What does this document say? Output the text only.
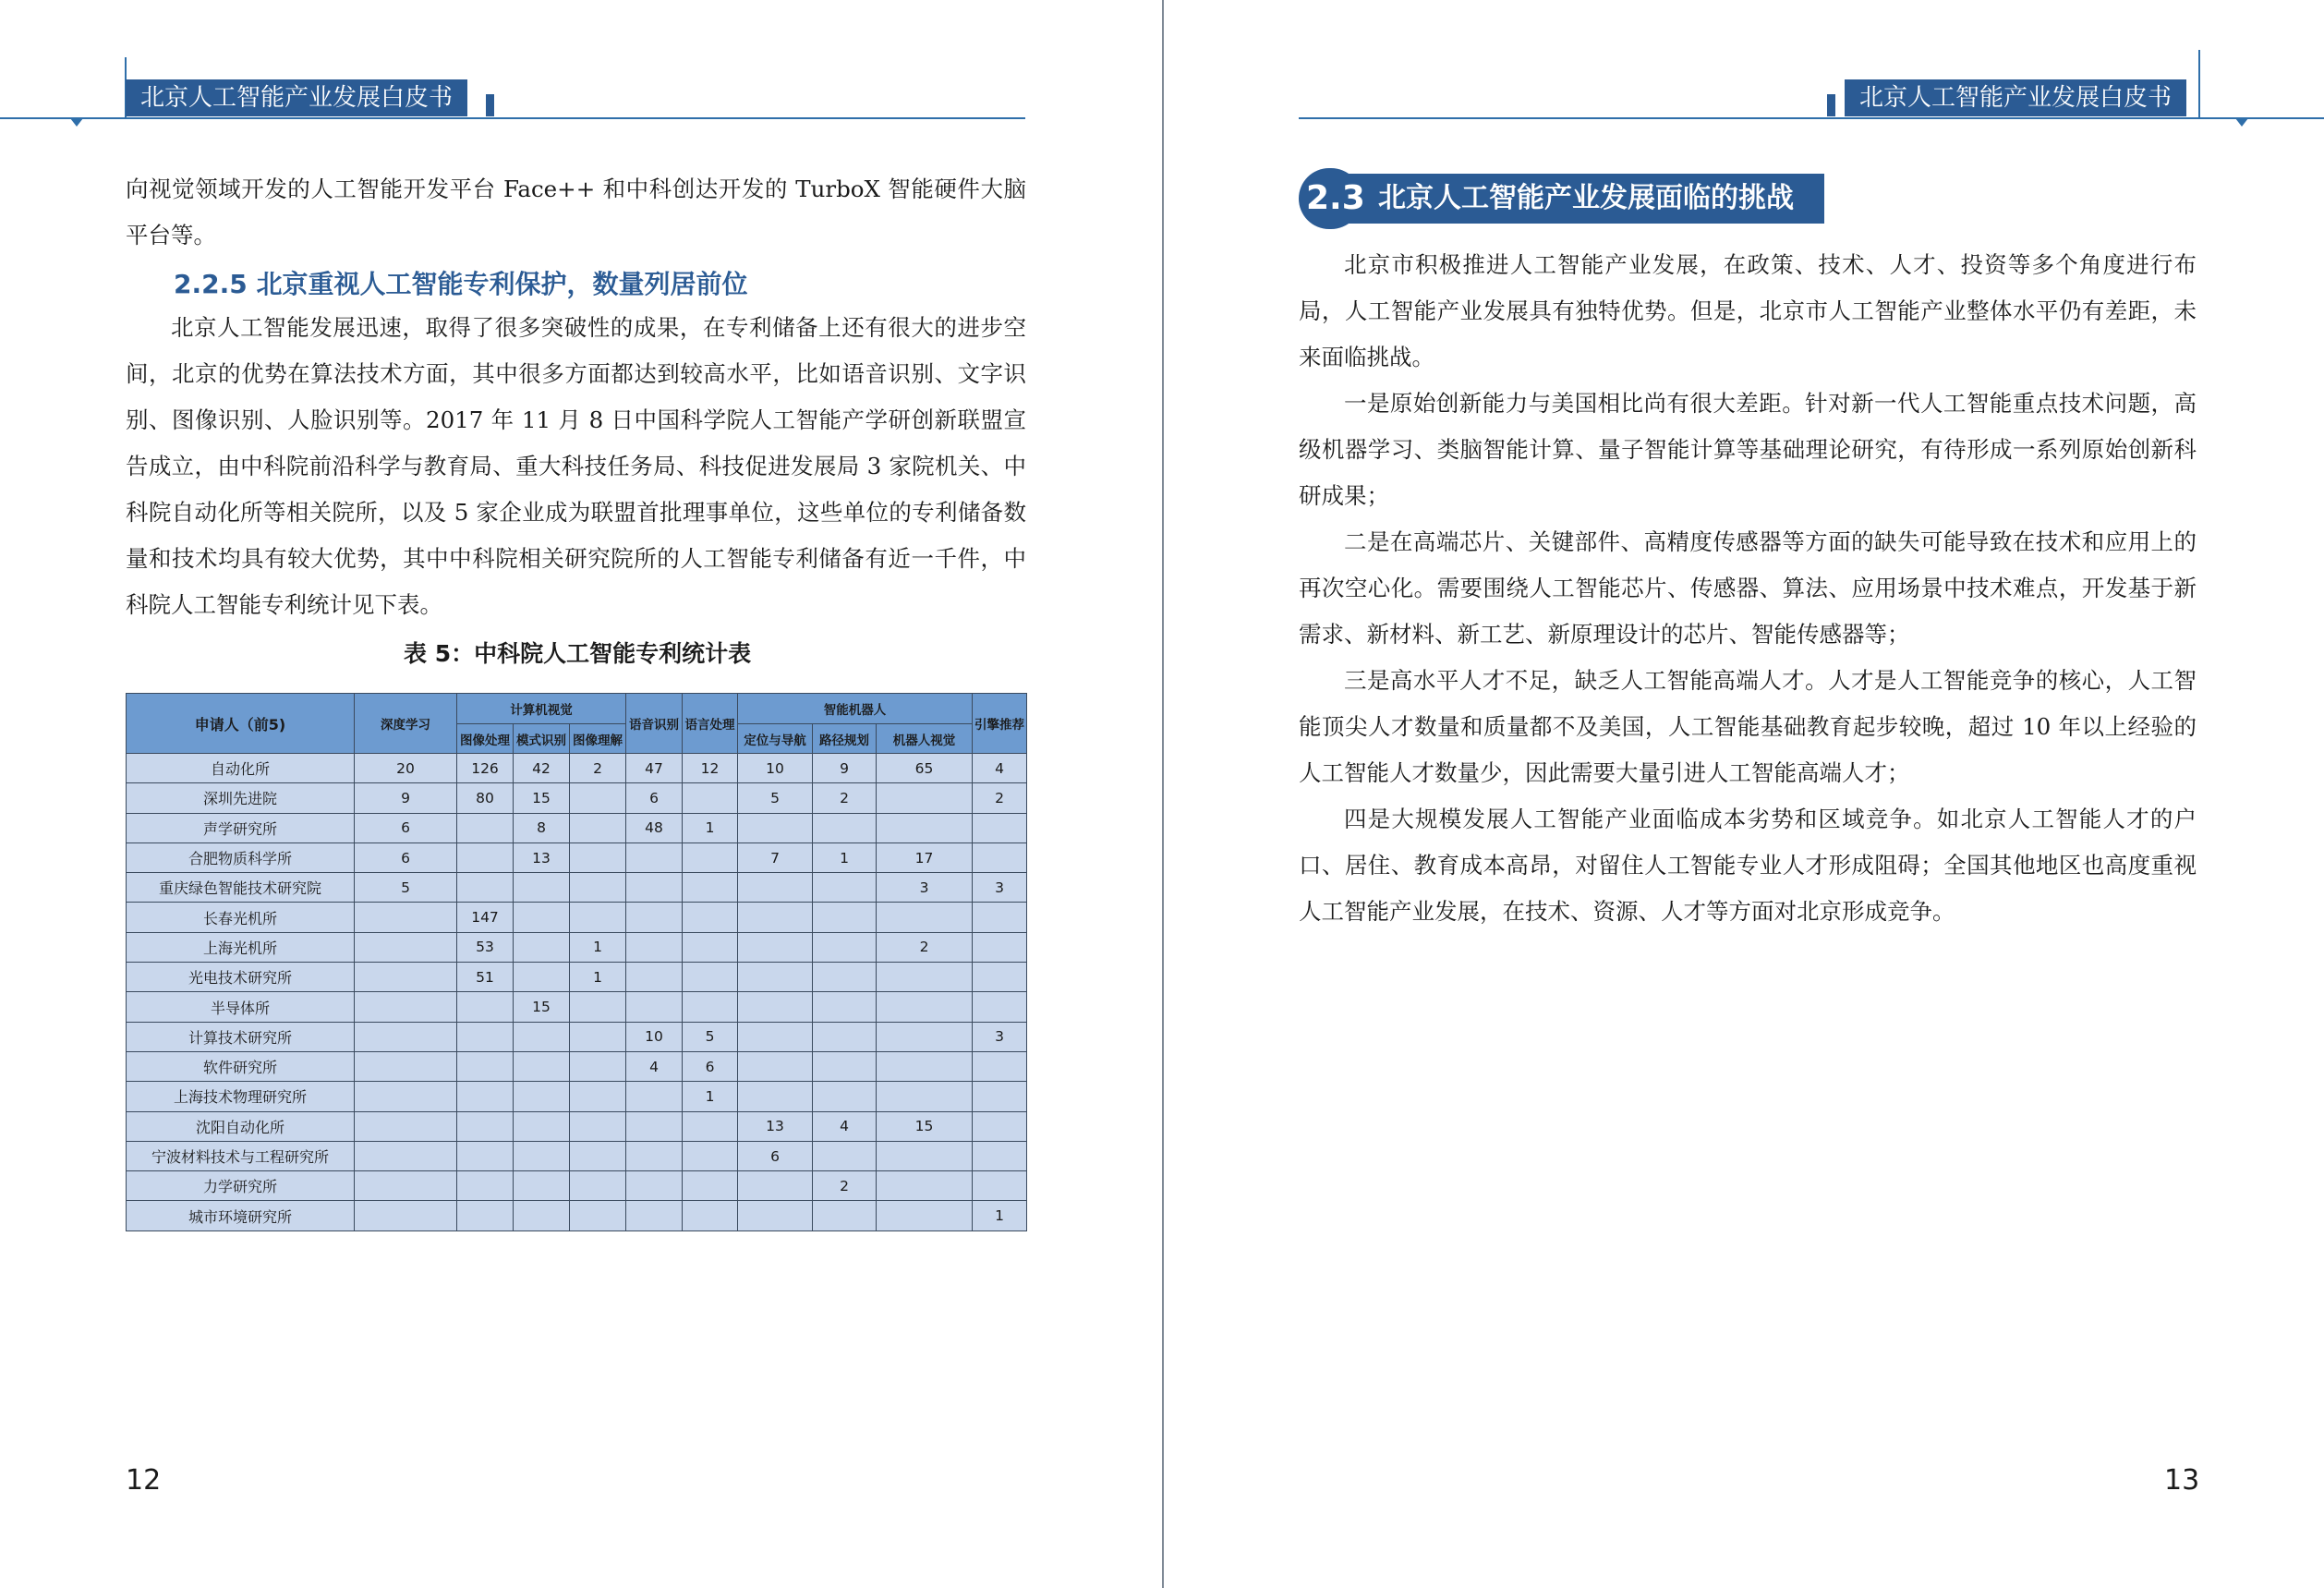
北京人工智能产业发展白皮书

向视觉领域开发的人工智能开发平台 Face++ 和中科创达开发的 TurboX 智能硬件大脑平台等。

2.2.5 北京重视人工智能专利保护，数量列居前位

北京人工智能发展迅速，取得了很多突破性的成果，在专利储备上还有很大的进步空间，北京的优势在算法技术方面，其中很多方面都达到较高水平，比如语音识别、文字识别、图像识别、人脸识别等。2017 年 11 月 8 日中国科学院人工智能产学研创新联盟宣告成立，由中科院前沿科学与教育局、重大科技任务局、科技促进发展局 3 家院机关、中科院自动化所等相关院所，以及 5 家企业成为联盟首批理事单位，这些单位的专利储备数量和技术均具有较大优势，其中中科院相关研究院所的人工智能专利储备有近一千件，中科院人工智能专利统计见下表。

表 5：中科院人工智能专利统计表
申请人（前5)	深度学习	计算机视觉			语音识别	语言处理	智能机器人			引擎推荐
		图像处理	模式识别	图像理解			定位与导航	路径规划	机器人视觉	
自动化所	20	126	42	2	47	12	10	9	65	4
深圳先进院	9	80	15		6		5	2		2
声学研究所	6		8		48	1				
合肥物质科学所	6		13				7	1	17	
重庆绿色智能技术研究院	5								3	3
长春光机所		147								
上海光机所		53		1					2	
光电技术研究所		51		1						
半导体所			15							
计算技术研究所					10	5				3
软件研究所					4	6				
上海技术物理研究所						1				
沈阳自动化所							13	4	15	
宁波材料技术与工程研究所							6			
力学研究所								2		
城市环境研究所										1
12
北京人工智能产业发展白皮书
2.3 北京人工智能产业发展面临的挑战

北京市积极推进人工智能产业发展，在政策、技术、人才、投资等多个角度进行布局，人工智能产业发展具有独特优势。但是，北京市人工智能产业整体水平仍有差距，未来面临挑战。

一是原始创新能力与美国相比尚有很大差距。针对新一代人工智能重点技术问题，高级机器学习、类脑智能计算、量子智能计算等基础理论研究，有待形成一系列原始创新科研成果；

二是在高端芯片、关键部件、高精度传感器等方面的缺失可能导致在技术和应用上的再次空心化。需要围绕人工智能芯片、传感器、算法、应用场景中技术难点，开发基于新需求、新材料、新工艺、新原理设计的芯片、智能传感器等；

三是高水平人才不足，缺乏人工智能高端人才。人才是人工智能竞争的核心，人工智能顶尖人才数量和质量都不及美国，人工智能基础教育起步较晚，超过 10 年以上经验的人工智能人才数量少，因此需要大量引进人工智能高端人才；

四是大规模发展人工智能产业面临成本劣势和区域竞争。如北京人工智能人才的户口、居住、教育成本高昂，对留住人工智能专业人才形成阻碍；全国其他地区也高度重视人工智能产业发展，在技术、资源、人才等方面对北京形成竞争。

13
